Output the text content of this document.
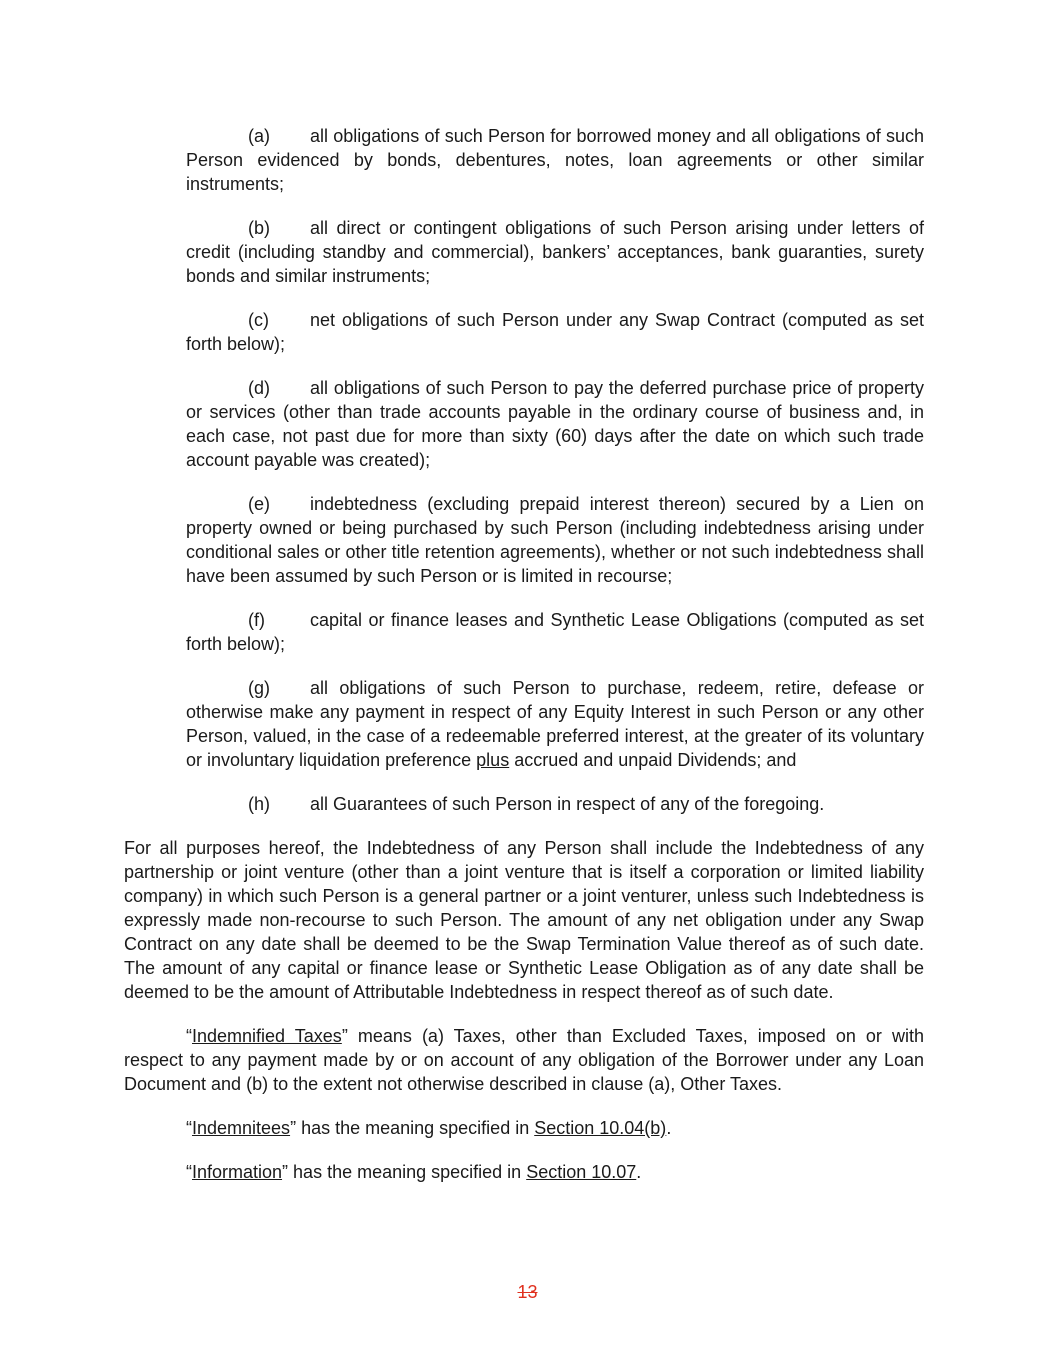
(a) all obligations of such Person for borrowed money and all obligations of such Person evidenced by bonds, debentures, notes, loan agreements or other similar instruments;

(b) all direct or contingent obligations of such Person arising under letters of credit (including standby and commercial), bankers’ acceptances, bank guaranties, surety bonds and similar instruments;

(c) net obligations of such Person under any Swap Contract (computed as set forth below);

(d) all obligations of such Person to pay the deferred purchase price of property or services (other than trade accounts payable in the ordinary course of business and, in each case, not past due for more than sixty (60) days after the date on which such trade account payable was created);

(e) indebtedness (excluding prepaid interest thereon) secured by a Lien on property owned or being purchased by such Person (including indebtedness arising under conditional sales or other title retention agreements), whether or not such indebtedness shall have been assumed by such Person or is limited in recourse;

(f)	capital or finance leases and Synthetic Lease Obligations (computed as set forth below);

(g) all obligations of such Person to purchase, redeem, retire, defease or otherwise make any payment in respect of any Equity Interest in such Person or any other Person, valued, in the case of a redeemable preferred interest, at the greater of its voluntary or involuntary liquidation preference plus accrued and unpaid Dividends; and

(h) all Guarantees of such Person in respect of any of the foregoing.

For all purposes hereof, the Indebtedness of any Person shall include the Indebtedness of any partnership or joint venture (other than a joint venture that is itself a corporation or limited liability company) in which such Person is a general partner or a joint venturer, unless such Indebtedness is expressly made non-recourse to such Person. The amount of any net obligation under any Swap Contract on any date shall be deemed to be the Swap Termination Value thereof as of such date. The amount of any capital or finance lease or Synthetic Lease Obligation as of any date shall be deemed to be the amount of Attributable Indebtedness in respect thereof as of such date.

“Indemnified Taxes” means (a) Taxes, other than Excluded Taxes, imposed on or with respect to any payment made by or on account of any obligation of the Borrower under any Loan Document and (b) to the extent not otherwise described in clause (a), Other Taxes.

“Indemnitees” has the meaning specified in Section 10.04(b).

“Information” has the meaning specified in Section 10.07.

13
